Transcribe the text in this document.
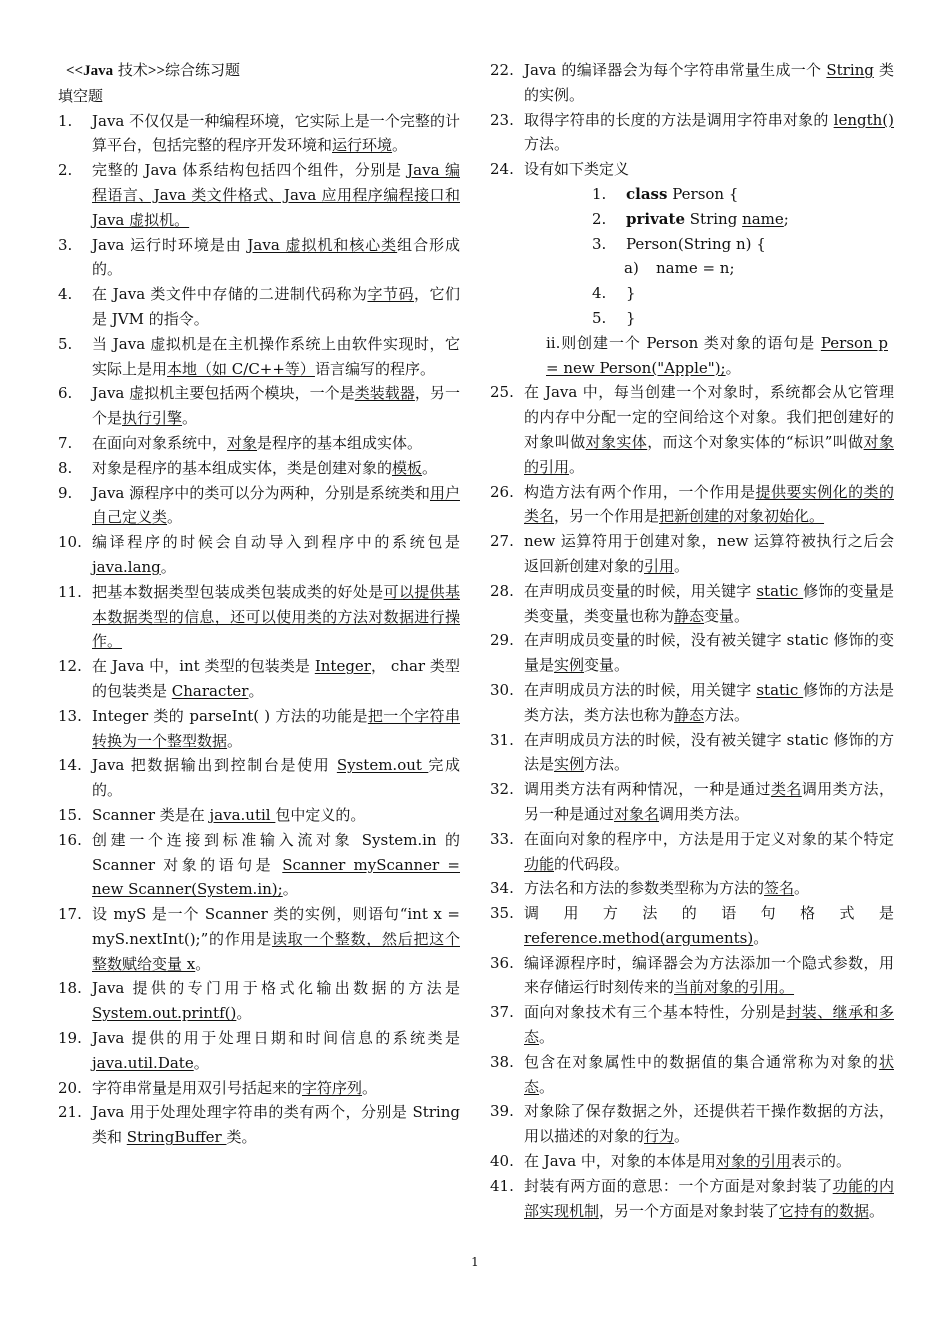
<<Java 技术>>综合练习题
填空题
1.	Java 不仅仅是一种编程环境，它实际上是一个完整的计算平台，包括完整的程序开发环境和运行环境。
2.	完整的 Java 体系结构包括四个组件，分别是 Java 编程语言、Java 类文件格式、Java 应用程序编程接口和 Java 虚拟机。
3.	Java 运行时环境是由 Java 虚拟机和核心类组合形成的。
4.	在 Java 类文件中存储的二进制代码称为字节码，它们是 JVM 的指令。
5.	当 Java 虚拟机是在主机操作系统上由软件实现时，它实际上是用本地（如 C/C++等）语言编写的程序。
6.	Java 虚拟机主要包括两个模块，一个是类装载器，另一个是执行引擎。
7.	在面向对象系统中，对象是程序的基本组成实体。
8.	对象是程序的基本组成实体，类是创建对象的模板。
9.	Java 源程序中的类可以分为两种，分别是系统类和用户自己定义类。
10. 编译程序的时候会自动导入到程序中的系统包是 java.lang。
11. 把基本数据类型包装成类包装成类的好处是可以提供基本数据类型的信息，还可以使用类的方法对数据进行操作。
12. 在 Java 中，int 类型的包装类是 Integer， char 类型的包装类是 Character。
13. Integer 类的 parseInt( ) 方法的功能是把一个字符串转换为一个整型数据。
14. Java 把数据输出到控制台是使用 System.out 完成的。
15. Scanner 类是在 java.util 包中定义的。
16. 创建一个连接到标准输入流对象 System.in 的 Scanner 对象的语句是 Scanner myScanner = new Scanner(System.in);。
17. 设 myS 是一个 Scanner 类的实例，则语句“int x = myS.nextInt();”的作用是读取一个整数，然后把这个整数赋给变量 x。
18. Java 提供的专门用于格式化输出数据的方法是 System.out.printf()。
19. Java 提供的用于处理日期和时间信息的系统类是 java.util.Date。
20. 字符串常量是用双引号括起来的字符序列。
21. Java 用于处理处理字符串的类有两个，分别是 String 类和 StringBuffer 类。
22. Java 的编译器会为每个字符串常量生成一个 String 类的实例。
23. 取得字符串的长度的方法是调用字符串对象的 length()方法。
24. 设有如下类定义
1. class Person {
2. private String name;
3. Person(String n) {
a) name = n;
4. }
5. }
ii.则创建一个 Person 类对象的语句是 Person p = new Person("Apple");。
25. 在 Java 中，每当创建一个对象时，系统都会从它管理的内存中分配一定的空间给这个对象。我们把创建好的对象叫做对象实体，而这个对象实体的“标识”叫做对象的引用。
26. 构造方法有两个作用，一个作用是提供要实例化的类的类名，另一个作用是把新创建的对象初始化。
27. new 运算符用于创建对象，new 运算符被执行之后会返回新创建对象的引用。
28. 在声明成员变量的时候，用关键字 static 修饰的变量是类变量，类变量也称为静态变量。
29. 在声明成员变量的时候，没有被关键字 static 修饰的变量是实例变量。
30. 在声明成员方法的时候，用关键字 static 修饰的方法是类方法，类方法也称为静态方法。
31. 在声明成员方法的时候，没有被关键字 static 修饰的方法是实例方法。
32. 调用类方法有两种情况，一种是通过类名调用类方法，另一种是通过对象名调用类方法。
33. 在面向对象的程序中，方法是用于定义对象的某个特定功能的代码段。
34. 方法名和方法的参数类型称为方法的签名。
35. 调用方法的语句格式是 reference.method(arguments)。
36. 编译源程序时，编译器会为方法添加一个隐式参数，用来存储运行时刻传来的当前对象的引用。
37. 面向对象技术有三个基本特性，分别是封装、继承和多态。
38. 包含在对象属性中的数据值的集合通常称为对象的状态。
39. 对象除了保存数据之外，还提供若干操作数据的方法，用以描述的对象的行为。
40. 在 Java 中，对象的本体是用对象的引用表示的。
41. 封装有两方面的意思：一个方面是对象封装了功能的内部实现机制，另一个方面是对象封装了它持有的数据。
1
